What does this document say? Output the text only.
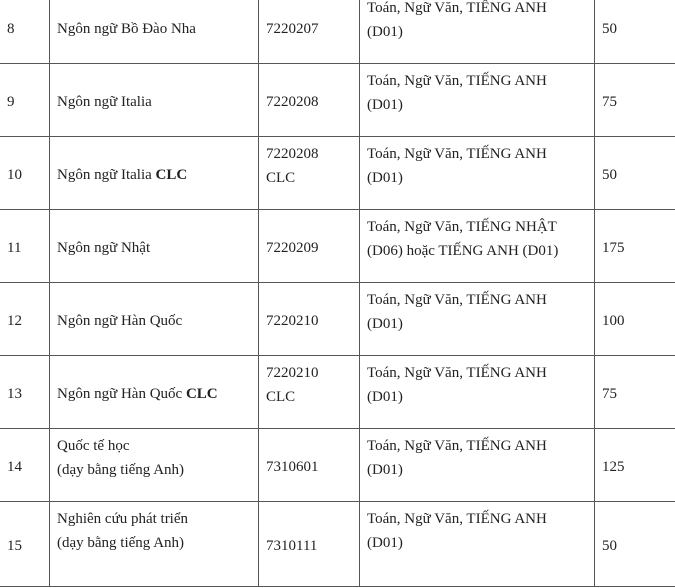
8	Ngôn ngữ Bồ Đào Nha	7220207	Toán, Ngữ Văn, TIẾNG ANH
(D01)	50

9	Ngôn ngữ Italia	7220208	Toán, Ngữ Văn, TIẾNG ANH
(D01)	75

10	Ngôn ngữ Italia CLC	7220208
CLC	Toán, Ngữ Văn, TIẾNG ANH
(D01)	50

11	Ngôn ngữ Nhật	7220209	Toán, Ngữ Văn, TIẾNG NHẬT
(D06) hoặc TIẾNG ANH (D01)	175

12	Ngôn ngữ Hàn Quốc	7220210	Toán, Ngữ Văn, TIẾNG ANH
(D01)	100

13	Ngôn ngữ Hàn Quốc CLC	7220210
CLC	Toán, Ngữ Văn, TIẾNG ANH
(D01)	75

14	Quốc tế học
(dạy bằng tiếng Anh)	7310601	Toán, Ngữ Văn, TIẾNG ANH
(D01)	125

15	Nghiên cứu phát triển
(dạy bằng tiếng Anh)	7310111	Toán, Ngữ Văn, TIẾNG ANH
(D01)	50
